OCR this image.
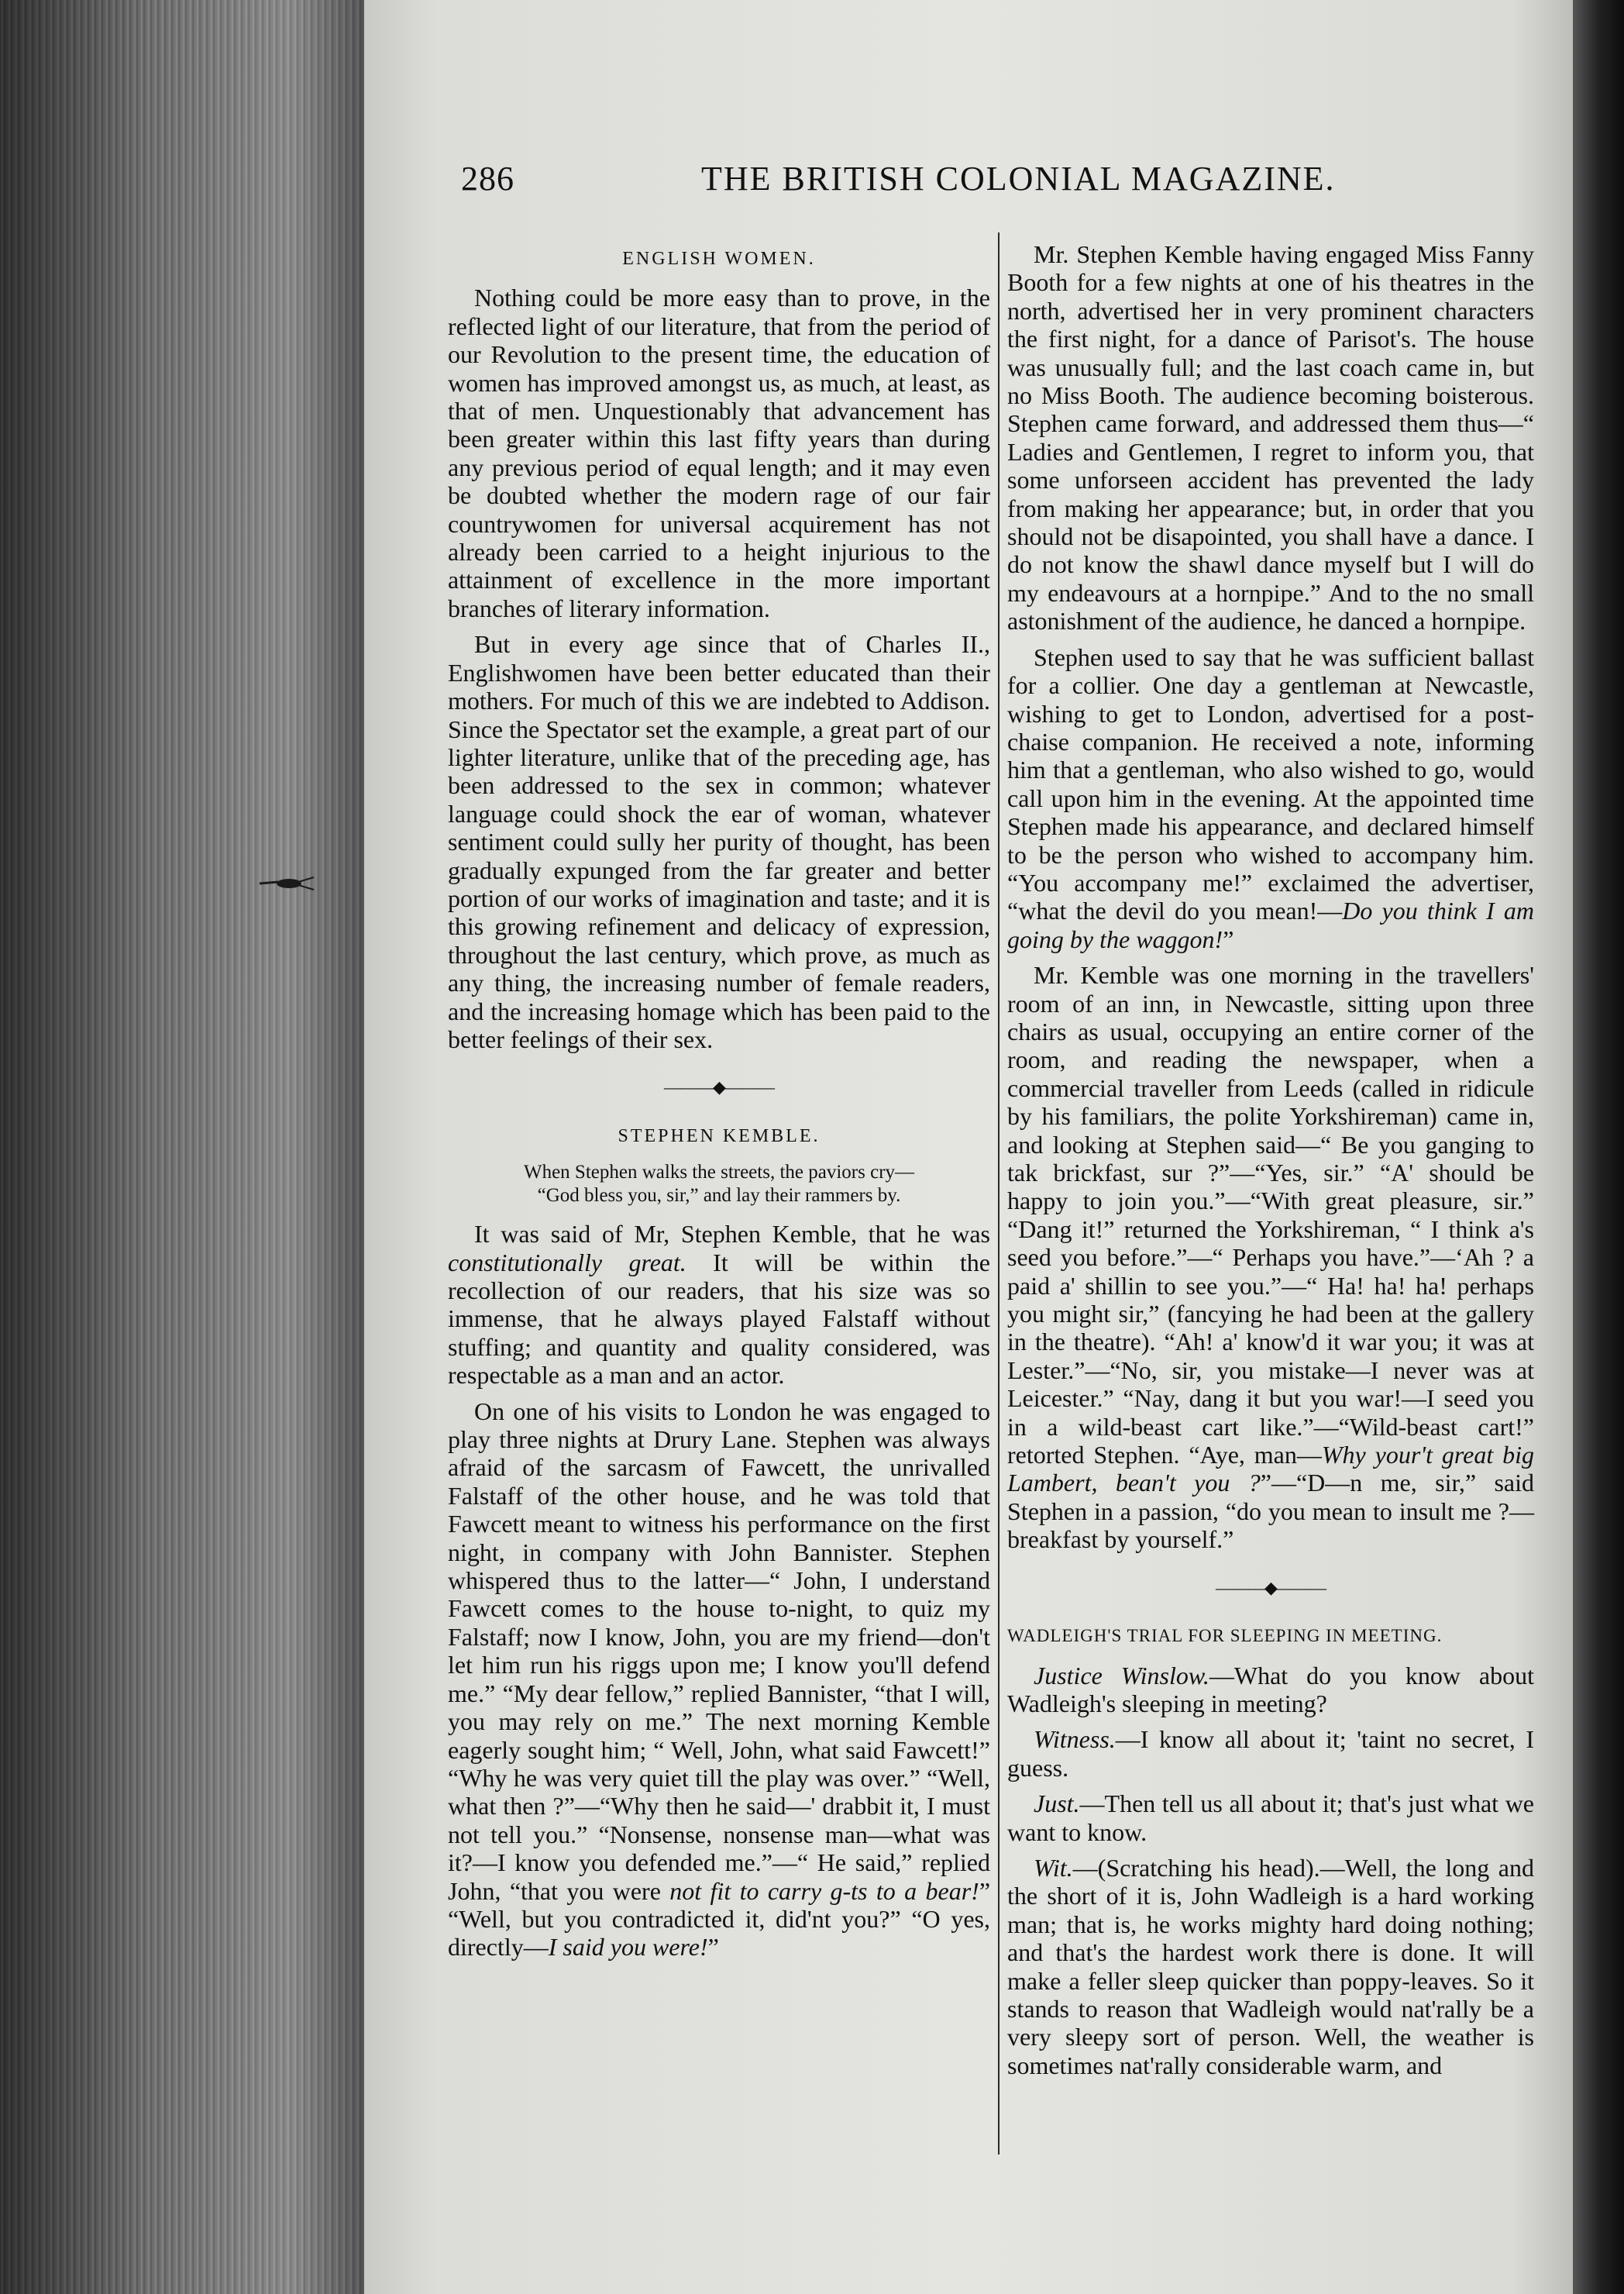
286	THE BRITISH COLONIAL MAGAZINE.
ENGLISH WOMEN.

Nothing could be more easy than to prove, in the reflected light of our literature, that from the period of our Revolution to the present time, the education of women has improved amongst us, as much, at least, as that of men. Unquestionably that advancement has been greater within this last fifty years than during any previous period of equal length; and it may even be doubted whether the modern rage of our fair countrywomen for universal acquirement has not already been carried to a height injurious to the attainment of excellence in the more important branches of literary information.

But in every age since that of Charles II., Englishwomen have been better educated than their mothers. For much of this we are indebted to Addison. Since the Spectator set the example, a great part of our lighter literature, unlike that of the preceding age, has been addressed to the sex in common; whatever language could shock the ear of woman, whatever sentiment could sully her purity of thought, has been gradually expunged from the far greater and better portion of our works of imagination and taste; and it is this growing refinement and delicacy of expression, throughout the last century, which prove, as much as any thing, the increasing number of female readers, and the increasing homage which has been paid to the better feelings of their sex.

———◆———
STEPHEN KEMBLE.
When Stephen walks the streets, the paviors cry—
“God bless you, sir,” and lay their rammers by.

It was said of Mr, Stephen Kemble, that he was constitutionally great. It will be within the recollection of our readers, that his size was so immense, that he always played Falstaff without stuffing; and quantity and quality considered, was respectable as a man and an actor.

On one of his visits to London he was engaged to play three nights at Drury Lane. Stephen was always afraid of the sarcasm of Fawcett, the unrivalled Falstaff of the other house, and he was told that Fawcett meant to witness his performance on the first night, in company with John Bannister. Stephen whispered thus to the latter—“ John, I understand Fawcett comes to the house to-night, to quiz my Falstaff; now I know, John, you are my friend—don't let him run his riggs upon me; I know you'll defend me.” “My dear fellow,” replied Bannister, “that I will, you may rely on me.” The next morning Kemble eagerly sought him; “ Well, John, what said Fawcett!” “Why he was very quiet till the play was over.” “Well, what then ?”—“Why then he said—' drabbit it, I must not tell you.” “Nonsense, nonsense man—what was it?—I know you defended me.”—“ He said,” replied John, “that you were not fit to carry g-ts to a bear!” “Well, but you contradicted it, did'nt you?” “O yes, directly—I said you were!”

Mr. Stephen Kemble having engaged Miss Fanny Booth for a few nights at one of his theatres in the north, advertised her in very prominent characters the first night, for a dance of Parisot's. The house was unusually full; and the last coach came in, but no Miss Booth. The audience becoming boisterous. Stephen came forward, and addressed them thus—“ Ladies and Gentlemen, I regret to inform you, that some unforseen accident has prevented the lady from making her appearance; but, in order that you should not be disapointed, you shall have a dance. I do not know the shawl dance myself but I will do my endeavours at a hornpipe.” And to the no small astonishment of the audience, he danced a hornpipe.

Stephen used to say that he was sufficient ballast for a collier. One day a gentleman at Newcastle, wishing to get to London, advertised for a post-chaise companion. He received a note, informing him that a gentleman, who also wished to go, would call upon him in the evening. At the appointed time Stephen made his appearance, and declared himself to be the person who wished to accompany him. “You accompany me!” exclaimed the advertiser, “what the devil do you mean!—Do you think I am going by the waggon!”

Mr. Kemble was one morning in the travellers' room of an inn, in Newcastle, sitting upon three chairs as usual, occupying an entire corner of the room, and reading the newspaper, when a commercial traveller from Leeds (called in ridicule by his familiars, the polite Yorkshireman) came in, and looking at Stephen said—“ Be you ganging to tak brickfast, sur ?”—“Yes, sir.” “A' should be happy to join you.”—“With great pleasure, sir.” “Dang it!” returned the Yorkshireman, “ I think a's seed you before.”—“ Perhaps you have.”—‘Ah ? a paid a' shillin to see you.”—“ Ha! ha! ha! perhaps you might sir,” (fancying he had been at the gallery in the theatre). “Ah! a' know'd it war you; it was at Lester.”—“No, sir, you mistake—I never was at Leicester.” “Nay, dang it but you war!—I seed you in a wild-beast cart like.”—“Wild-beast cart!” retorted Stephen. “Aye, man—Why your't great big Lambert, bean't you ?”—“D—n me, sir,” said Stephen in a passion, “do you mean to insult me ?—breakfast by yourself.”

———◆———
WADLEIGH'S TRIAL FOR SLEEPING IN MEETING.

Justice Winslow.—What do you know about Wadleigh's sleeping in meeting?

Witness.—I know all about it; 'taint no secret, I guess.

Just.—Then tell us all about it; that's just what we want to know.

Wit.—(Scratching his head).—Well, the long and the short of it is, John Wadleigh is a hard working man; that is, he works mighty hard doing nothing; and that's the hardest work there is done. It will make a feller sleep quicker than poppy-leaves. So it stands to reason that Wadleigh would nat'rally be a very sleepy sort of person. Well, the weather is sometimes nat'rally considerable warm, and
